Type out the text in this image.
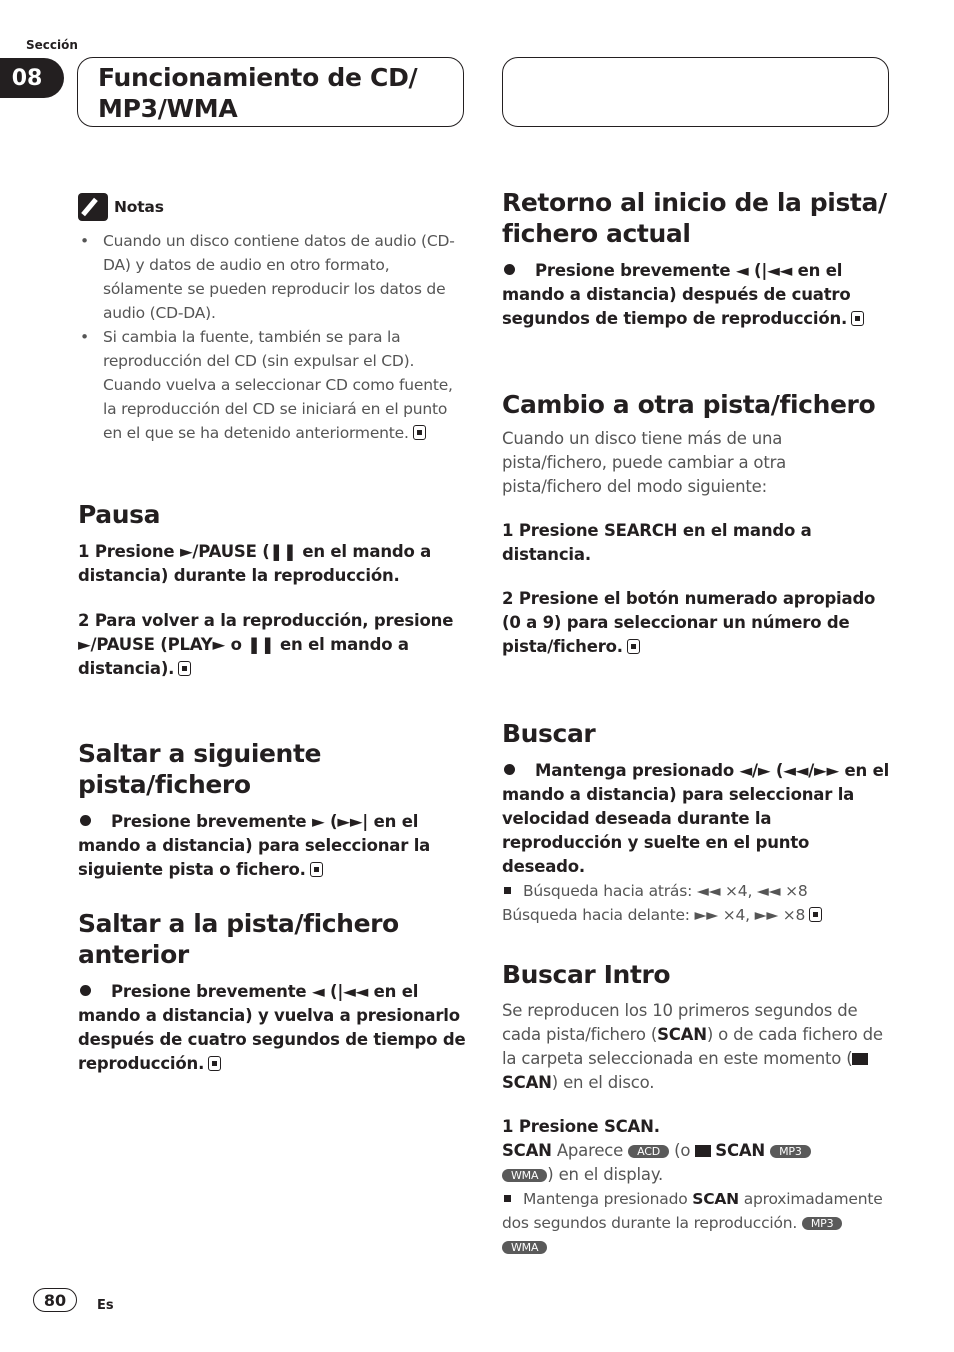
Sección
08	Funcionamiento de CD/
MP3/WMA
Notas

• Cuando un disco contiene datos de audio (CD-DA) y datos de audio en otro formato, sólamente se pueden reproducir los datos de audio (CD-DA).

• Si cambia la fuente, también se para la reproducción del CD (sin expulsar el CD). Cuando vuelva a seleccionar CD como fuente, la reproducción del CD se iniciará en el punto en el que se ha detenido anteriormente.

Pausa

1 Presione ►/PAUSE (❚❚ en el mando a distancia) durante la reproducción.

2 Para volver a la reproducción, presione ►/PAUSE (PLAY► o ❚❚ en el mando a distancia).

Saltar a siguiente pista/fichero

Presione brevemente ► (►►| en el mando a distancia) para seleccionar la siguiente pista o fichero.

Saltar a la pista/fichero
anterior

Presione brevemente ◄ (|◄◄ en el mando a distancia) y vuelva a presionarlo después de cuatro segundos de tiempo de reproducción.

Retorno al inicio de la pista/
fichero actual

Presione brevemente ◄ (|◄◄ en el mando a distancia) después de cuatro segundos de tiempo de reproducción.

Cambio a otra pista/fichero

Cuando un disco tiene más de una pista/fichero, puede cambiar a otra pista/fichero del modo siguiente:

1 Presione SEARCH en el mando a distancia.

2 Presione el botón numerado apropiado (0 a 9) para seleccionar un número de pista/fichero.

Buscar

Mantenga presionado ◄/► (◄◄/►► en el mando a distancia) para seleccionar la velocidad deseada durante la reproducción y suelte en el punto deseado.

Búsqueda hacia atrás: ◄◄ ×4, ◄◄ ×8

Búsqueda hacia delante: ►► ×4, ►► ×8

Buscar Intro

Se reproducen los 10 primeros segundos de cada pista/fichero (SCAN) o de cada fichero de la carpeta seleccionada en este momento (SCAN) en el disco.

1 Presione SCAN.

SCAN Aparece ACD (o SCAN MP3
WMA ) en el display.

Mantenga presionado SCAN aproximadamente dos segundos durante la reproducción. MP3
WMA

80	Es
